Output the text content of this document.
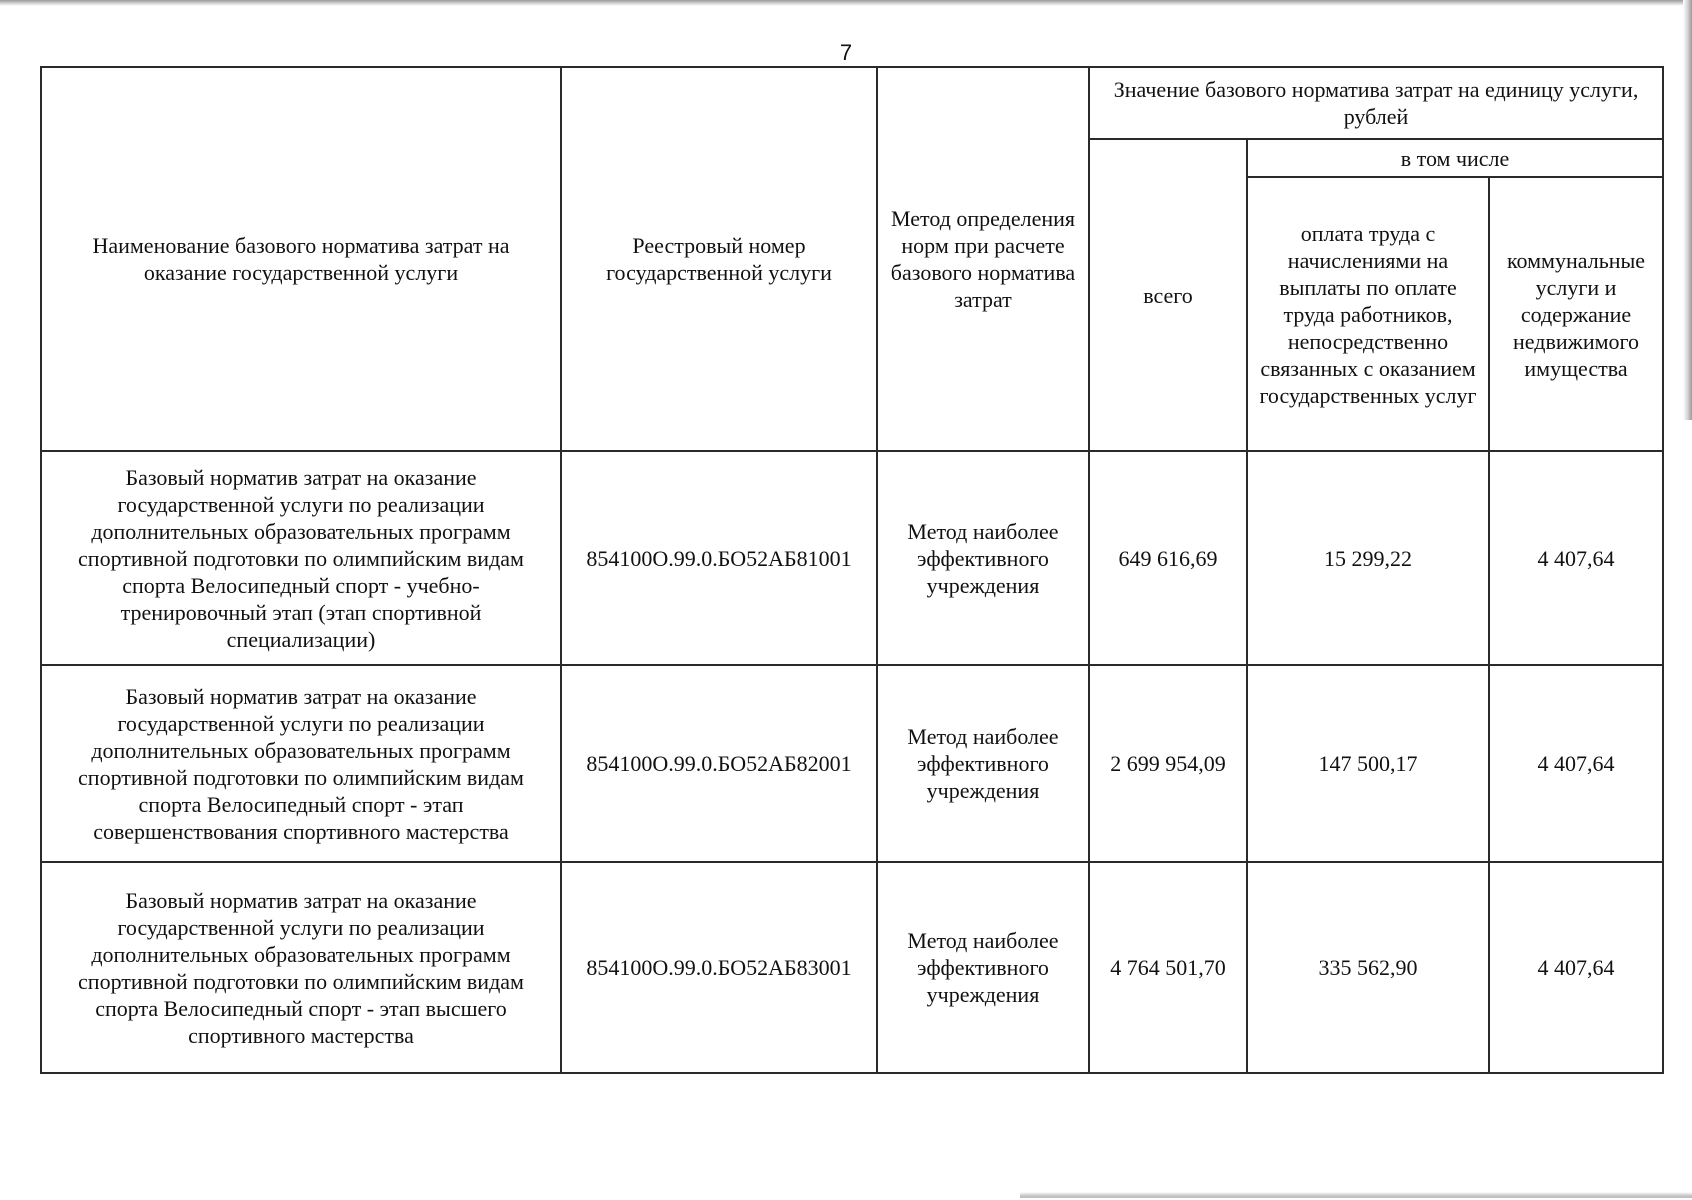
7
Наименование базового норматива затрат на оказание государственной услуги	Реестровый номер государственной услуги	Метод определения норм при расчете базового норматива затрат	Значение базового норматива затрат на единицу услуги, рублей		
			всего	в том числе	
				оплата труда с начислениями на выплаты по оплате труда работников, непосредственно связанных с оказанием государственных услуг	коммунальные услуги и содержание недвижимого имущества
Базовый норматив затрат на оказание государственной услуги по реализации дополнительных образовательных программ спортивной подготовки по олимпийским видам спорта Велосипедный спорт - учебно-тренировочный этап (этап спортивной специализации)	854100О.99.0.БО52АБ81001	Метод наиболее эффективного учреждения	649 616,69	15 299,22	4 407,64
Базовый норматив затрат на оказание государственной услуги по реализации дополнительных образовательных программ спортивной подготовки по олимпийским видам спорта Велосипедный спорт - этап совершенствования спортивного мастерства	854100О.99.0.БО52АБ82001	Метод наиболее эффективного учреждения	2 699 954,09	147 500,17	4 407,64
Базовый норматив затрат на оказание государственной услуги по реализации дополнительных образовательных программ спортивной подготовки по олимпийским видам спорта Велосипедный спорт - этап высшего спортивного мастерства	854100О.99.0.БО52АБ83001	Метод наиболее эффективного учреждения	4 764 501,70	335 562,90	4 407,64
